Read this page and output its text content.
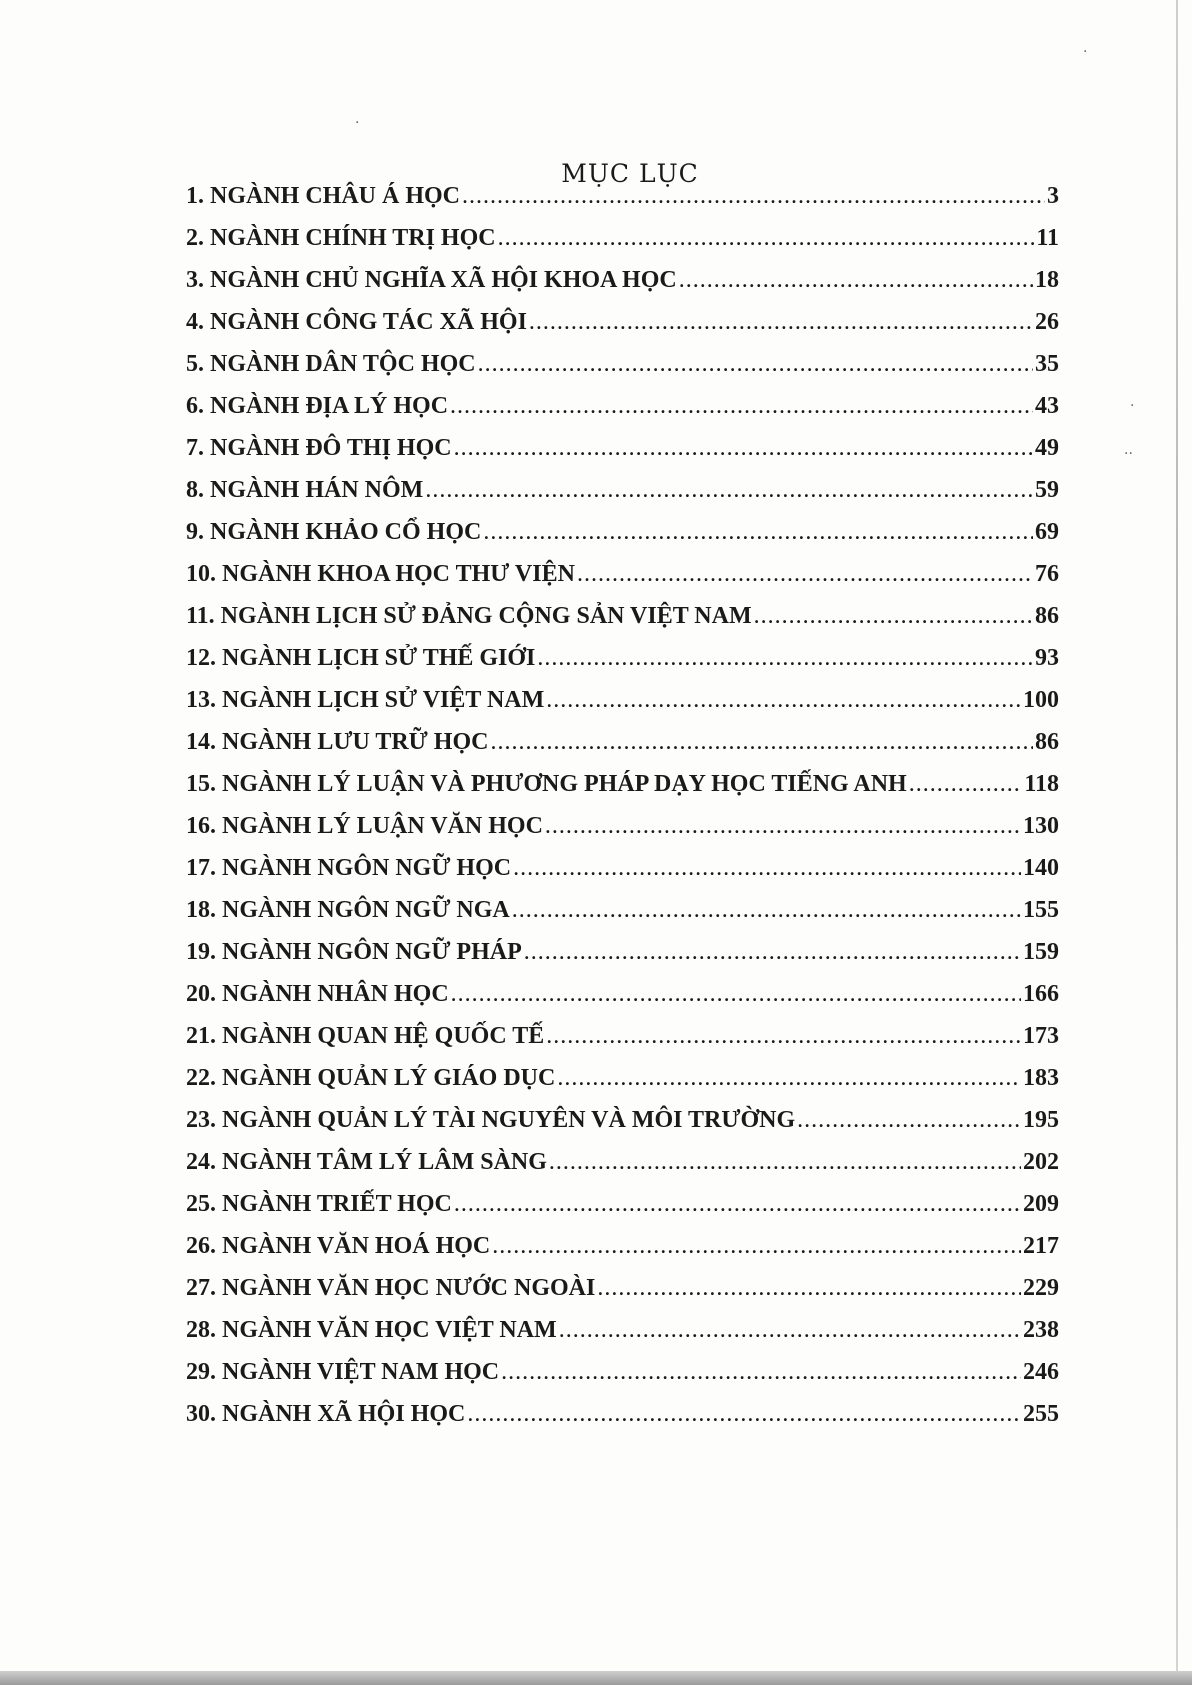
·
·
··
·
MỤC LỤC
1. NGÀNH CHÂU Á HỌC .....	3
2. NGÀNH CHÍNH TRỊ HỌC .....	11
3. NGÀNH CHỦ NGHĨA XÃ HỘI KHOA HỌC .....	18
4. NGÀNH CÔNG TÁC XÃ HỘI .....	26
5. NGÀNH DÂN TỘC HỌC .....	35
6. NGÀNH ĐỊA LÝ HỌC .....	43
7. NGÀNH ĐÔ THỊ HỌC .....	49
8. NGÀNH HÁN NÔM .....	59
9. NGÀNH KHẢO CỔ HỌC .....	69
10. NGÀNH KHOA HỌC THƯ VIỆN .....	76
11. NGÀNH LỊCH SỬ ĐẢNG CỘNG SẢN VIỆT NAM .....	86
12. NGÀNH LỊCH SỬ THẾ GIỚI .....	93
13. NGÀNH LỊCH SỬ VIỆT NAM .....	100
14. NGÀNH LƯU TRỮ HỌC .....	86
15. NGÀNH LÝ LUẬN VÀ PHƯƠNG PHÁP DẠY HỌC TIẾNG ANH .....	118
16. NGÀNH LÝ LUẬN VĂN HỌC .....	130
17. NGÀNH NGÔN NGỮ HỌC .....	140
18. NGÀNH NGÔN NGỮ NGA .....	155
19. NGÀNH NGÔN NGỮ PHÁP .....	159
20. NGÀNH NHÂN HỌC .....	166
21. NGÀNH QUAN HỆ QUỐC TẾ .....	173
22. NGÀNH QUẢN LÝ GIÁO DỤC .....	183
23. NGÀNH QUẢN LÝ TÀI NGUYÊN VÀ MÔI TRƯỜNG .....	195
24. NGÀNH TÂM LÝ LÂM SÀNG .....	202
25. NGÀNH TRIẾT HỌC .....	209
26. NGÀNH VĂN HOÁ HỌC .....	217
27. NGÀNH VĂN HỌC NƯỚC NGOÀI .....	229
28. NGÀNH VĂN HỌC VIỆT NAM .....	238
29. NGÀNH VIỆT NAM HỌC .....	246
30. NGÀNH XÃ HỘI HỌC .....	255
